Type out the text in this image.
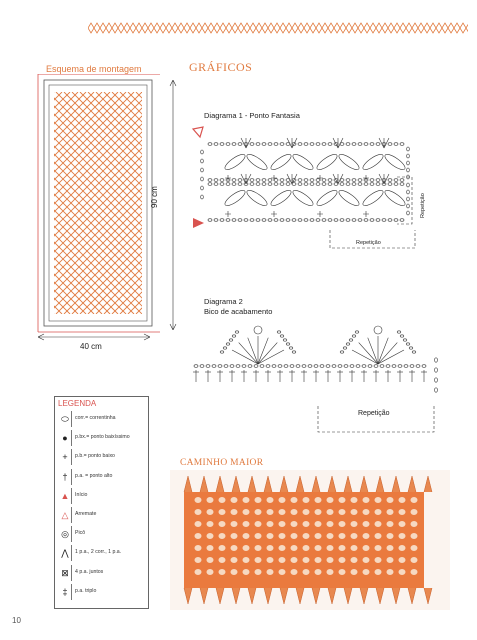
Esquema de montagem
90 cm
40 cm
GRÁFICOS
Diagrama 1 - Ponto Fantasia
Repetição
Repetição
Diagrama 2
Bico de acabamento
Repetição
LEGENDA
⬭	corr.= correntinha
●	p.bx.= ponto baixíssimo
+	p.b.= ponto baixo
†	p.a. = ponto alto
▲	Início
△	Arremate
◎	Picô
⋀	1 p.a., 2 corr., 1 p.a.
⊠	4 p.a. juntos
‡	p.a. triplo
CAMINHO MAIOR
10
